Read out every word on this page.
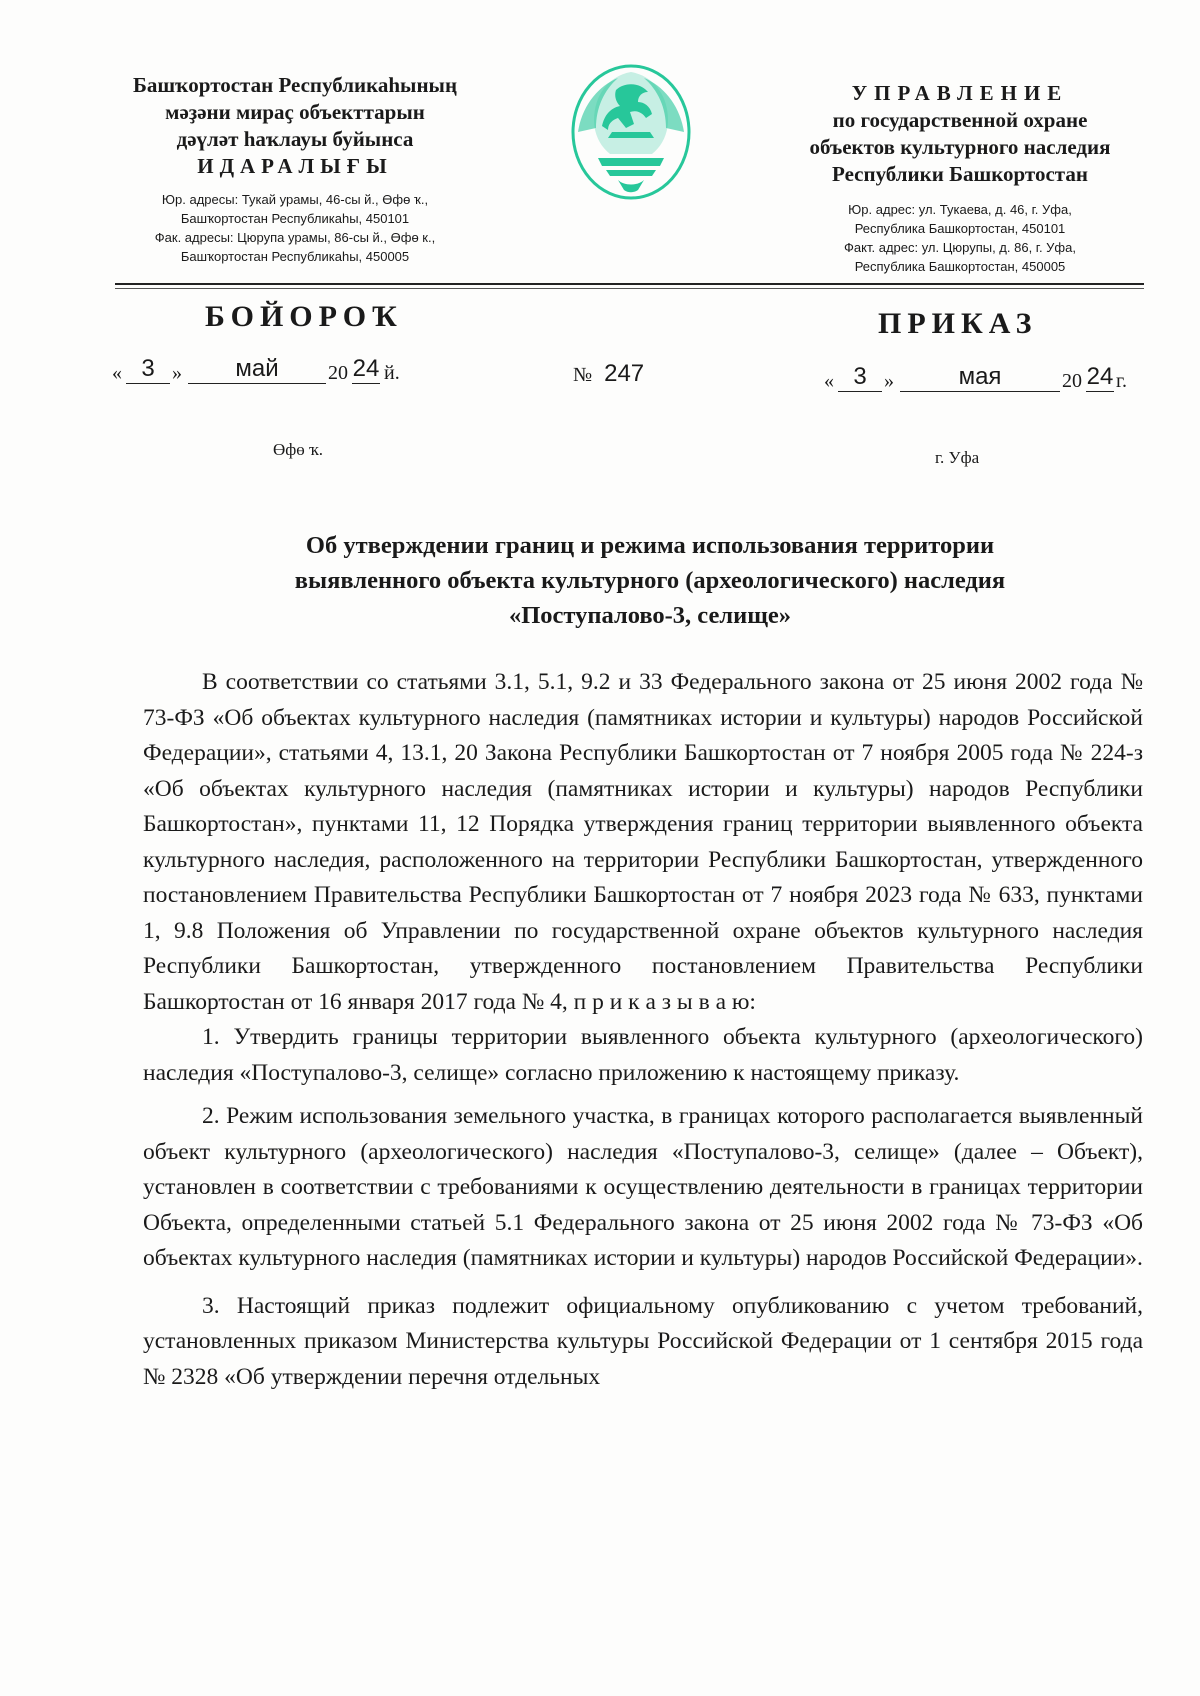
Башҡортостан Республикаһының
мәҙәни мираҫ объекттарын
дәүләт һаҡлауы буйынса
ИДАРАЛЫҒЫ
Юр. адресы: Тукай урамы, 46-сы й., Өфө ҡ.,
Башҡортостан Республикаһы, 450101
Фак. адресы: Цюрупа урамы, 86-сы й., Өфө к.,
Башҡортостан Республикаһы, 450005
УПРАВЛЕНИЕ
по государственной охране
объектов культурного наследия
Республики Башкортостан
Юр. адрес: ул. Тукаева, д. 46, г. Уфа,
Республика Башкортостан, 450101
Факт. адрес: ул. Цюрупы, д. 86, г. Уфа,
Республика Башкортостан, 450005
БОЙОРОҠ	ПРИКАЗ
« 3 »	май	20 24 й.	№ 247	« 3 »	мая	20 24 г.
Өфө ҡ.	г. Уфа
Об утверждении границ и режима использования территории
выявленного объекта культурного (археологического) наследия
«Поступалово-3, селище»

В соответствии со статьями 3.1, 5.1, 9.2 и 33 Федерального закона от 25 июня 2002 года № 73-ФЗ «Об объектах культурного наследия (памятниках истории и культуры) народов Российской Федерации», статьями 4, 13.1, 20 Закона Республики Башкортостан от 7 ноября 2005 года № 224-з «Об объектах культурного наследия (памятниках истории и культуры) народов Республики Башкортостан», пунктами 11, 12 Порядка утверждения границ территории выявленного объекта культурного наследия, расположенного на территории Республики Башкортостан, утвержденного постановлением Правительства Республики Башкортостан от 7 ноября 2023 года № 633, пунктами 1, 9.8 Положения об Управлении по государственной охране объектов культурного наследия Республики Башкортостан, утвержденного постановлением Правительства Республики Башкортостан от 16 января 2017 года № 4, п р и к а з ы в а ю:

1. Утвердить границы территории выявленного объекта культурного (археологического) наследия «Поступалово-3, селище» согласно приложению к настоящему приказу.

2. Режим использования земельного участка, в границах которого располагается выявленный объект культурного (археологического) наследия «Поступалово-3, селище» (далее – Объект), установлен в соответствии с требованиями к осуществлению деятельности в границах территории Объекта, определенными статьей 5.1 Федерального закона от 25 июня 2002 года № 73-ФЗ «Об объектах культурного наследия (памятниках истории и культуры) народов Российской Федерации».

3. Настоящий приказ подлежит официальному опубликованию с учетом требований, установленных приказом Министерства культуры Российской Федерации от 1 сентября 2015 года № 2328 «Об утверждении перечня отдельных
